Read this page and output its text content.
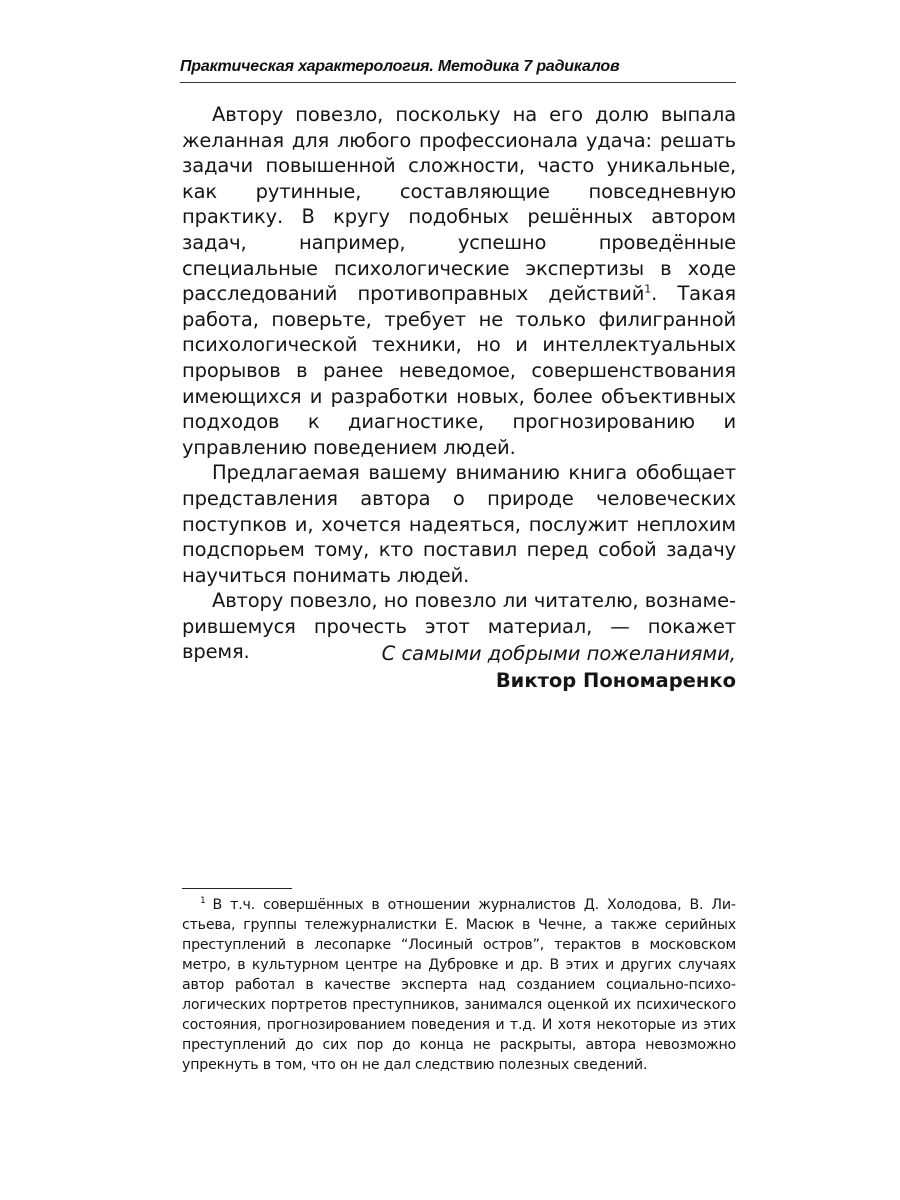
Практическая характерология. Методика 7 радикалов

Автору повезло, поскольку на его долю выпала желанная для любого профессионала удача: решать задачи повышенной сложности, часто уникальные, как рутинные, составляющие повседневную практику. В кругу подобных решённых автором задач, например, успешно проведённые специальные психологические экспертизы в ходе расследований противоправных действий$^1$. Такая работа, поверьте, требует не только филигранной психологической техники, но и интеллектуальных прорывов в ранее неведомое, совершенствования имеющихся и разработки новых, более объективных подходов к диагностике, прогнозированию и управлению поведением людей.

Предлагаемая вашему вниманию книга обобщает представления автора о природе человеческих поступков и, хочется надеяться, послужит неплохим подспорьем тому, кто поставил перед собой задачу научиться понимать людей.

Автору повезло, но повезло ли читателю, вознамерившемуся прочесть этот материал, — покажет время.	С самыми добрыми пожеланиями,
Виктор Пономаренко

$^1$ В т.ч. совершённых в отношении журналистов Д. Холодова, В. Листьева, группы тележурналистки Е. Масюк в Чечне, а также серийных преступлений в лесопарке “Лосиный остров”, терактов в московском метро, в культурном центре на Дубровке и др. В этих и других случаях автор работал в качестве эксперта над созданием социально-психологических портретов преступников, занимался оценкой их психического состояния, прогнозированием поведения и т.д. И хотя некоторые из этих преступлений до сих пор до конца не раскрыты, автора невозможно упрекнуть в том, что он не дал следствию полезных сведений.
